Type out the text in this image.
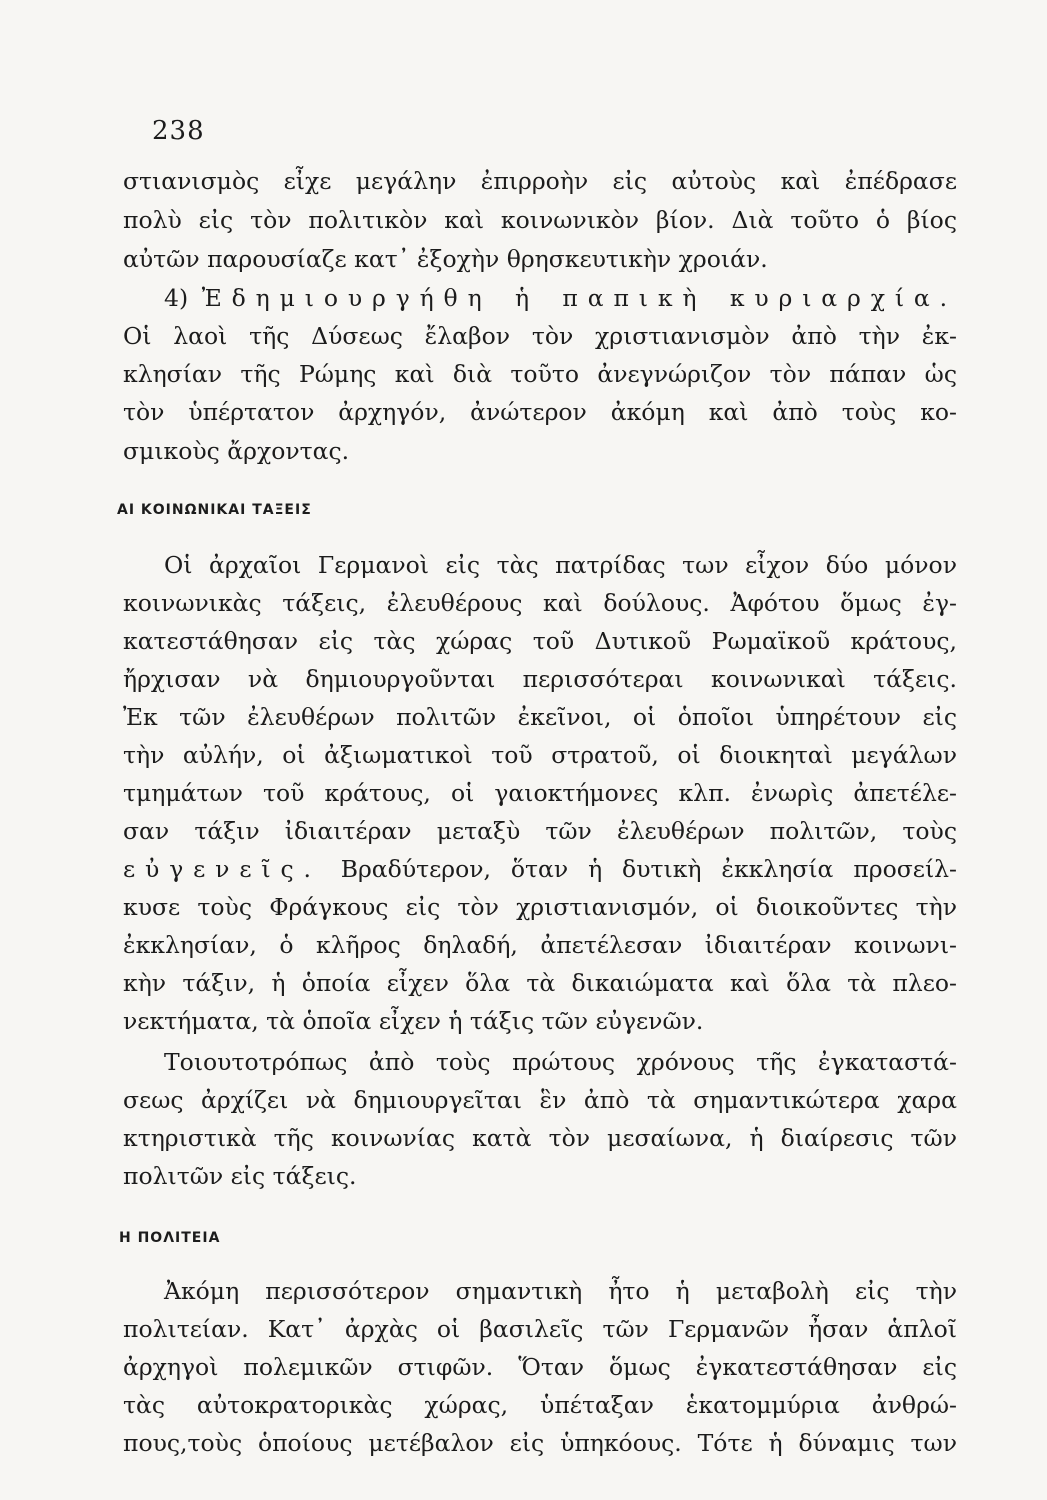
238
στιανισμὸς εἶχε μεγάλην ἐπιρροὴν εἰς αὐτοὺς καὶ ἐπέδρασε
πολὺ εἰς τὸν πολιτικὸν καὶ κοινωνικὸν βίον. Διὰ τοῦτο ὁ βίος
αὐτῶν παρουσίαζε κατ᾿ ἐξοχὴν θρησκευτικὴν χροιάν.
4) Ἐδημιουργήθη ἡ παπικὴ κυριαρχία.
Οἱ λαοὶ τῆς Δύσεως ἔλαβον τὸν χριστιανισμὸν ἀπὸ τὴν ἐκ-
κλησίαν τῆς Ρώμης καὶ διὰ τοῦτο ἀνεγνώριζον τὸν πάπαν ὡς
τὸν ὑπέρτατον ἀρχηγόν, ἀνώτερον ἀκόμη καὶ ἀπὸ τοὺς κο-
σμικοὺς ἄρχοντας.
ΑΙ ΚΟΙΝΩΝΙΚΑΙ ΤΑΞΕΙΣ
Οἱ ἀρχαῖοι Γερμανοὶ εἰς τὰς πατρίδας των εἶχον δύο μόνον
κοινωνικὰς τάξεις, ἐλευθέρους καὶ δούλους. Ἀφότου ὅμως ἐγ-
κατεστάθησαν εἰς τὰς χώρας τοῦ Δυτικοῦ Ρωμαϊκοῦ κράτους,
ἤρχισαν νὰ δημιουργοῦνται περισσότεραι κοινωνικαὶ τάξεις.
Ἐκ τῶν ἐλευθέρων πολιτῶν ἐκεῖνοι, οἱ ὁποῖοι ὑπηρέτουν εἰς
τὴν αὐλήν, οἱ ἀξιωματικοὶ τοῦ στρατοῦ, οἱ διοικηταὶ μεγάλων
τμημάτων τοῦ κράτους, οἱ γαιοκτήμονες κλπ. ἐνωρὶς ἀπετέλε-
σαν τάξιν ἰδιαιτέραν μεταξὺ τῶν ἐλευθέρων πολιτῶν, τοὺς
εὐγενεῖς. Βραδύτερον, ὅταν ἡ δυτικὴ ἐκκλησία προσείλ-
κυσε τοὺς Φράγκους εἰς τὸν χριστιανισμόν, οἱ διοικοῦντες τὴν
ἐκκλησίαν, ὁ κλῆρος δηλαδή, ἀπετέλεσαν ἰδιαιτέραν κοινωνι-
κὴν τάξιν, ἡ ὁποία εἶχεν ὅλα τὰ δικαιώματα καὶ ὅλα τὰ πλεο-
νεκτήματα, τὰ ὁποῖα εἶχεν ἡ τάξις τῶν εὐγενῶν.
Τοιουτοτρόπως ἀπὸ τοὺς πρώτους χρόνους τῆς ἐγκαταστά-
σεως ἀρχίζει νὰ δημιουργεῖται ἓν ἀπὸ τὰ σημαντικώτερα χαρα
κτηριστικὰ τῆς κοινωνίας κατὰ τὸν μεσαίωνα, ἡ διαίρεσις τῶν
πολιτῶν εἰς τάξεις.
Η ΠΟΛΙΤΕΙΑ
Ἀκόμη περισσότερον σημαντικὴ ἦτο ἡ μεταβολὴ εἰς τὴν
πολιτείαν. Κατ᾿ ἀρχὰς οἱ βασιλεῖς τῶν Γερμανῶν ἦσαν ἁπλοῖ
ἀρχηγοὶ πολεμικῶν στιφῶν. Ὅταν ὅμως ἐγκατεστάθησαν εἰς
τὰς αὐτοκρατορικὰς χώρας, ὑπέταξαν ἑκατομμύρια ἀνθρώ-
πους,τοὺς ὁποίους μετέβαλον εἰς ὑπηκόους. Τότε ἡ δύναμις των
